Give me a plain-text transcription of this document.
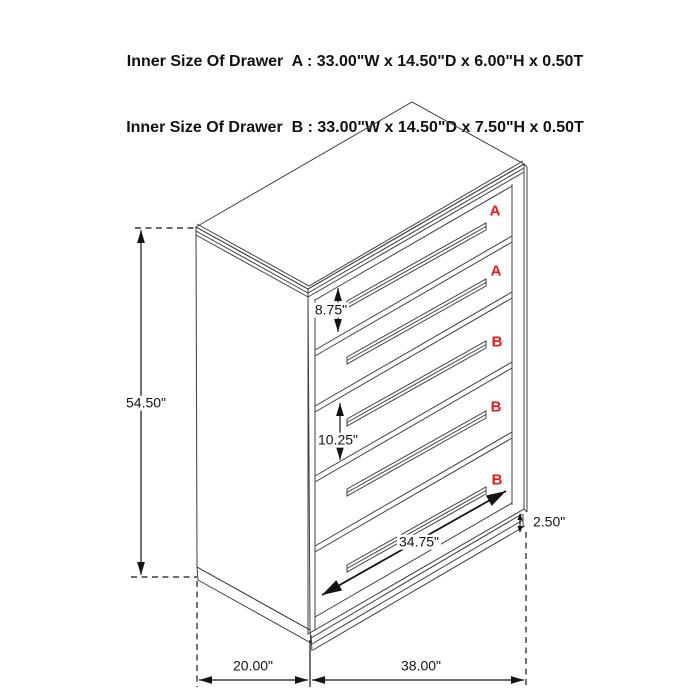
Inner Size Of Drawer  A : 33.00"W x 14.50"D x 6.00"H x 0.50T

Inner Size Of Drawer  B : 33.00"W x 14.50"D x 7.50"H x 0.50T

54.50"
8.75"
10.25"
34.75"
2.50"
20.00"	38.00"
A
A
B
B
B
